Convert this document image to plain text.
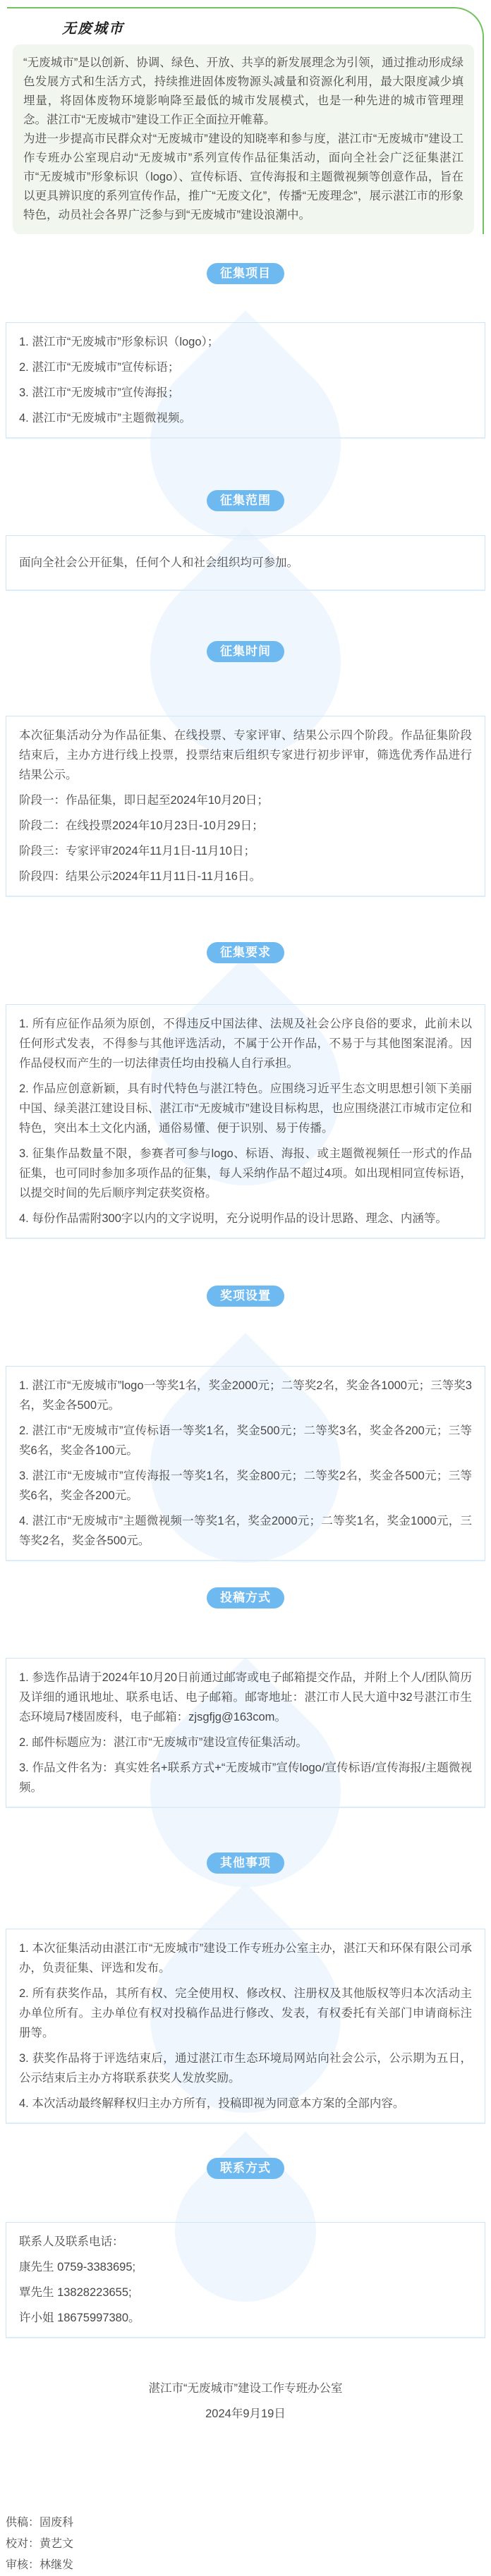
无废城市

“无废城市”是以创新、协调、绿色、开放、共享的新发展理念为引领，通过推动形成绿色发展方式和生活方式，持续推进固体废物源头减量和资源化利用，最大限度减少填埋量，将固体废物环境影响降至最低的城市发展模式，也是一种先进的城市管理理念。湛江市“无废城市”建设工作正全面拉开帷幕。

为进一步提高市民群众对“无废城市”建设的知晓率和参与度，湛江市“无废城市”建设工作专班办公室现启动“无废城市”系列宣传作品征集活动，面向全社会广泛征集湛江市“无废城市”形象标识（logo）、宣传标语、宣传海报和主题微视频等创意作品，旨在以更具辨识度的系列宣传作品，推广“无废文化”，传播“无废理念”，展示湛江市的形象特色，动员社会各界广泛参与到“无废城市”建设浪潮中。

征集项目

1. 湛江市“无废城市”形象标识（logo）；

2. 湛江市“无废城市”宣传标语；

3. 湛江市“无废城市”宣传海报；

4. 湛江市“无废城市”主题微视频。

征集范围

面向全社会公开征集，任何个人和社会组织均可参加。

征集时间

本次征集活动分为作品征集、在线投票、专家评审、结果公示四个阶段。作品征集阶段结束后，主办方进行线上投票，投票结束后组织专家进行初步评审，筛选优秀作品进行结果公示。

阶段一：作品征集，即日起至2024年10月20日；

阶段二：在线投票2024年10月23日-10月29日；

阶段三：专家评审2024年11月1日-11月10日；

阶段四：结果公示2024年11月11日-11月16日。

征集要求

1. 所有应征作品须为原创，不得违反中国法律、法规及社会公序良俗的要求，此前未以任何形式发表，不得参与其他评选活动，不属于公开作品，不易于与其他图案混淆。因作品侵权而产生的一切法律责任均由投稿人自行承担。

2. 作品应创意新颖，具有时代特色与湛江特色。应围绕习近平生态文明思想引领下美丽中国、绿美湛江建设目标、湛江市“无废城市”建设目标构思，也应围绕湛江市城市定位和特色，突出本土文化内涵，通俗易懂、便于识别、易于传播。

3. 征集作品数量不限，参赛者可参与logo、标语、海报、或主题微视频任一形式的作品征集，也可同时参加多项作品的征集，每人采纳作品不超过4项。如出现相同宣传标语，以提交时间的先后顺序判定获奖资格。

4. 每份作品需附300字以内的文字说明，充分说明作品的设计思路、理念、内涵等。

奖项设置

1. 湛江市“无废城市”logo一等奖1名，奖金2000元；二等奖2名，奖金各1000元；三等奖3名，奖金各500元。

2. 湛江市“无废城市”宣传标语一等奖1名，奖金500元；二等奖3名，奖金各200元；三等奖6名，奖金各100元。

3. 湛江市“无废城市”宣传海报一等奖1名，奖金800元；二等奖2名，奖金各500元；三等奖6名，奖金各200元。

4. 湛江市“无废城市”主题微视频一等奖1名，奖金2000元；二等奖1名，奖金1000元，三等奖2名，奖金各500元。

投稿方式

1. 参选作品请于2024年10月20日前通过邮寄或电子邮箱提交作品，并附上个人/团队简历及详细的通讯地址、联系电话、电子邮箱。邮寄地址：湛江市人民大道中32号湛江市生态环境局7楼固废科，电子邮箱：zjsgfjg@163com。

2. 邮件标题应为：湛江市“无废城市”建设宣传征集活动。

3. 作品文件名为：真实姓名+联系方式+“无废城市”宣传logo/宣传标语/宣传海报/主题微视频。

其他事项

1. 本次征集活动由湛江市“无废城市”建设工作专班办公室主办，湛江天和环保有限公司承办，负责征集、评选和发布。

2. 所有获奖作品，其所有权、完全使用权、修改权、注册权及其他版权等归本次活动主办单位所有。主办单位有权对投稿作品进行修改、发表，有权委托有关部门申请商标注册等。

3. 获奖作品将于评选结束后，通过湛江市生态环境局网站向社会公示，公示期为五日，公示结束后主办方将联系获奖人发放奖励。

4. 本次活动最终解释权归主办方所有，投稿即视为同意本方案的全部内容。

联系方式

联系人及联系电话：

康先生 0759-3383695;

覃先生 13828223655;

许小姐 18675997380。

湛江市“无废城市”建设工作专班办公室
2024年9月19日

供稿：固废科

校对：黄艺文

审核：林继发
